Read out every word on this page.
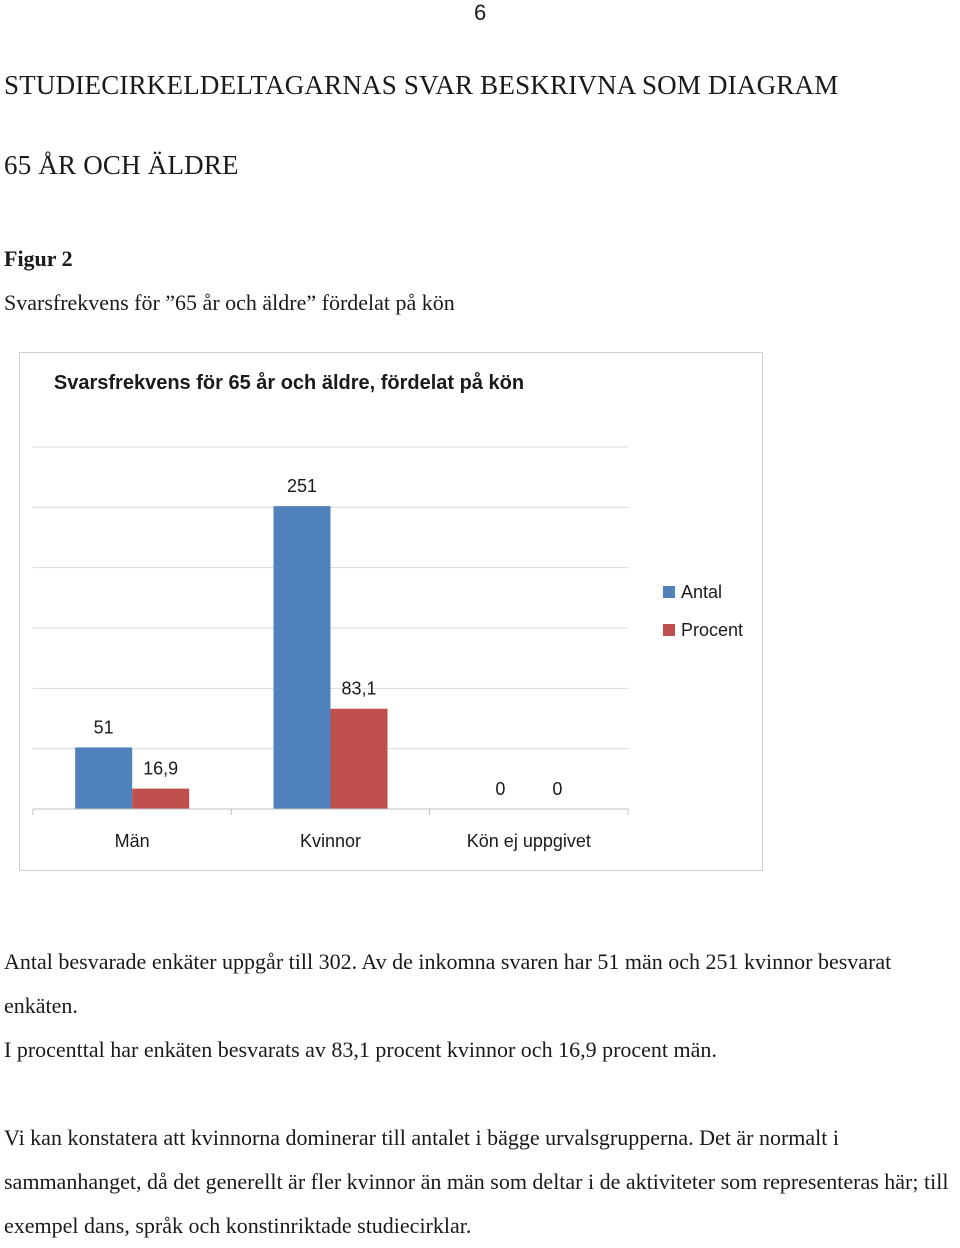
6
STUDIECIRKELDELTAGARNAS SVAR BESKRIVNA SOM DIAGRAM
65 ÅR OCH ÄLDRE
Figur 2
Svarsfrekvens för ”65 år och äldre” fördelat på kön
51
16,9
251
83,1
0	0
Män	Kvinnor	Kön ej uppgivet
Antal
Procent
Svarsfrekvens för 65 år och äldre, fördelat på kön

Antal besvarade enkäter uppgår till 302. Av de inkomna svaren har 51 män och 251 kvinnor besvarat enkäten.

I procenttal har enkäten besvarats av 83,1 procent kvinnor och 16,9 procent män.

Vi kan konstatera att kvinnorna dominerar till antalet i bägge urvalsgrupperna. Det är normalt i sammanhanget, då det generellt är fler kvinnor än män som deltar i de aktiviteter som representeras här; till exempel dans, språk och konstinriktade studiecirklar.
